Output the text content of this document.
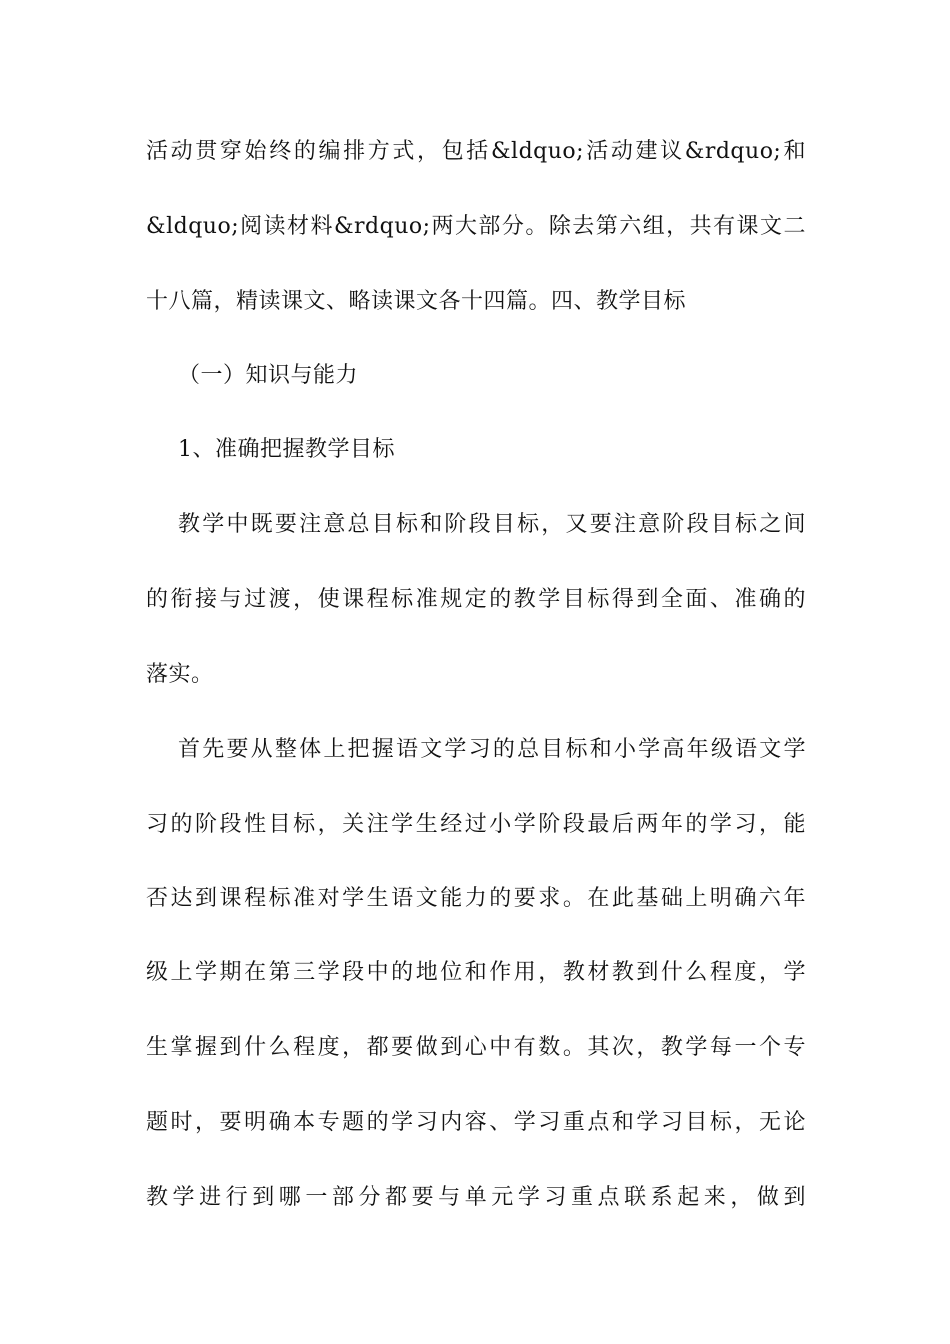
活动贯穿始终的编排方式，包括&ldquo;活动建议&rdquo;和
&ldquo;阅读材料&rdquo;两大部分。除去第六组，共有课文二
十八篇，精读课文、略读课文各十四篇。四、教学目标
（一）知识与能力
1、准确把握教学目标
教学中既要注意总目标和阶段目标，又要注意阶段目标之间
的衔接与过渡，使课程标准规定的教学目标得到全面、准确的
落实。
首先要从整体上把握语文学习的总目标和小学高年级语文学
习的阶段性目标，关注学生经过小学阶段最后两年的学习，能
否达到课程标准对学生语文能力的要求。在此基础上明确六年
级上学期在第三学段中的地位和作用，教材教到什么程度，学
生掌握到什么程度，都要做到心中有数。其次，教学每一个专
题时，要明确本专题的学习内容、学习重点和学习目标，无论
教学进行到哪一部分都要与单元学习重点联系起来，做到
